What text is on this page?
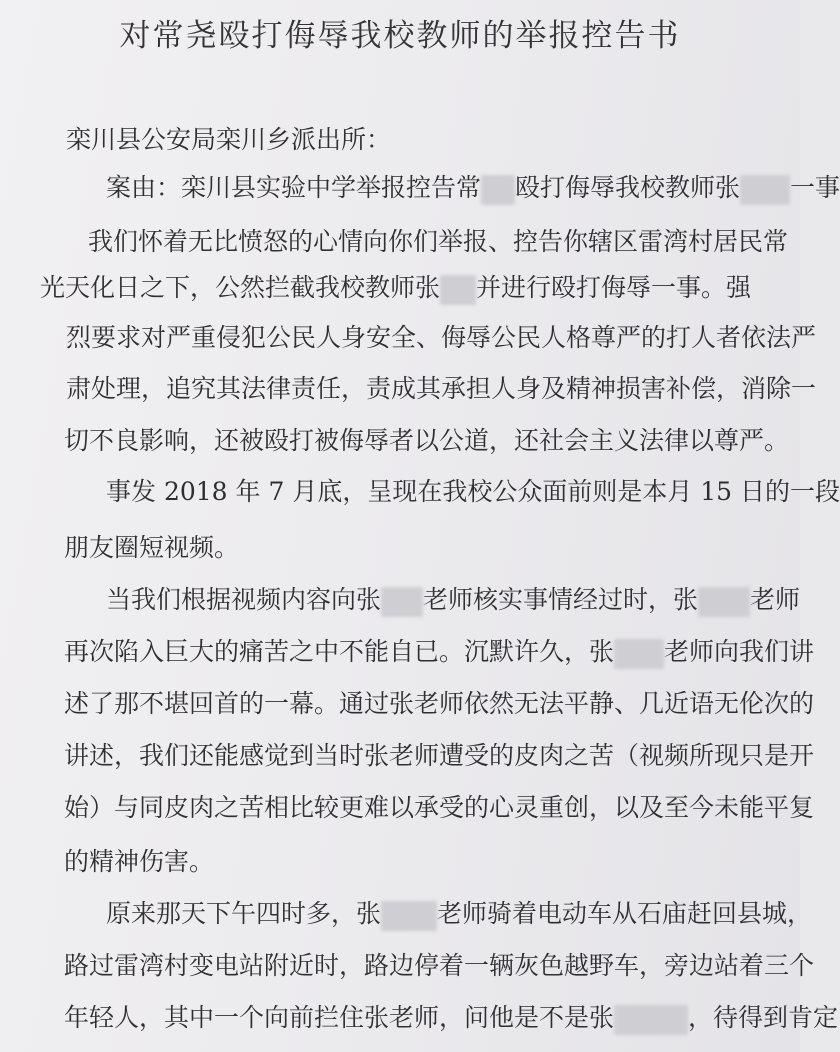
对常尧殴打侮辱我校教师的举报控告书
栾川县公安局栾川乡派出所：
案由：栾川县实验中学举报控告常 殴打侮辱我校教师张 一事
我们怀着无比愤怒的心情向你们举报、控告你辖区雷湾村居民常
光天化日之下，公然拦截我校教师张 并进行殴打侮辱一事。强
烈要求对严重侵犯公民人身安全、侮辱公民人格尊严的打人者依法严
肃处理，追究其法律责任，责成其承担人身及精神损害补偿，消除一
切不良影响，还被殴打被侮辱者以公道，还社会主义法律以尊严。
事发 2018 年 7 月底，呈现在我校公众面前则是本月 15 日的一段
朋友圈短视频。
当我们根据视频内容向张 老师核实事情经过时，张 老师
再次陷入巨大的痛苦之中不能自已。沉默许久，张 老师向我们讲
述了那不堪回首的一幕。通过张老师依然无法平静、几近语无伦次的
讲述，我们还能感觉到当时张老师遭受的皮肉之苦（视频所现只是开
始）与同皮肉之苦相比较更难以承受的心灵重创，以及至今未能平复
的精神伤害。
原来那天下午四时多，张 老师骑着电动车从石庙赶回县城，
路过雷湾村变电站附近时，路边停着一辆灰色越野车，旁边站着三个
年轻人，其中一个向前拦住张老师，问他是不是张	，待得到肯定
